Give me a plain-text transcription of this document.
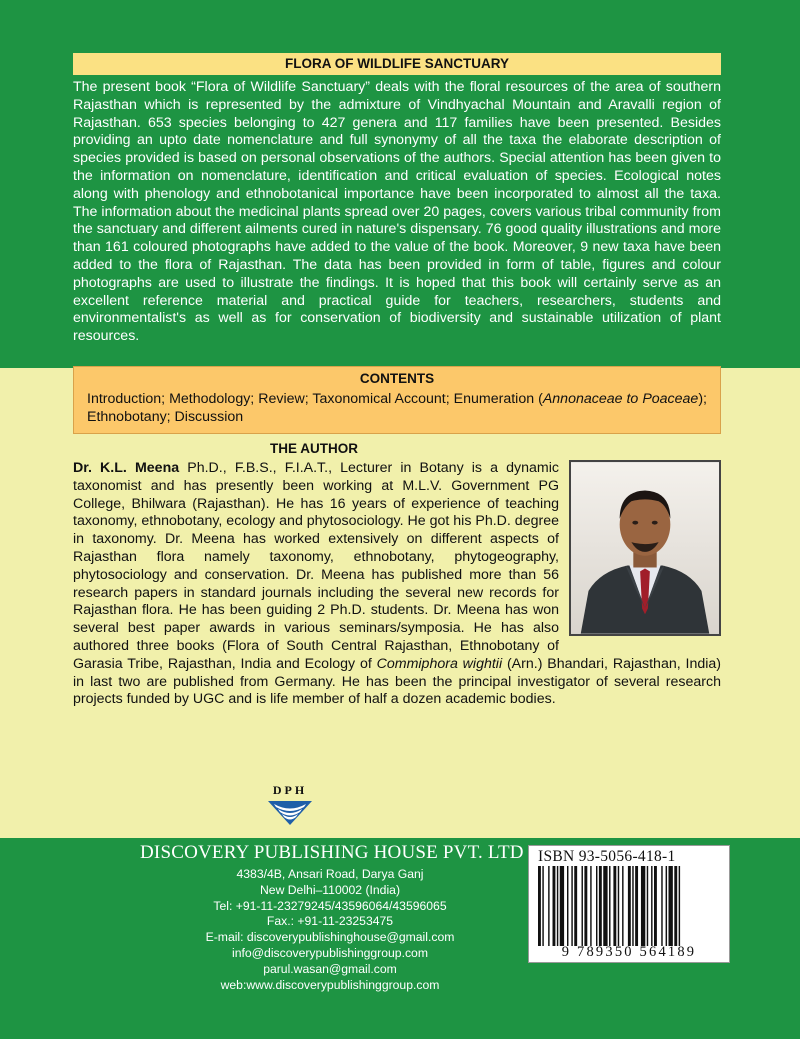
FLORA OF WILDLIFE SANCTUARY

The present book “Flora of Wildlife Sanctuary” deals with the floral resources of the area of southern Rajasthan which is represented by the admixture of Vindhyachal Mountain and Aravalli region of Rajasthan. 653 species belonging to 427 genera and 117 families have been presented. Besides providing an upto date nomenclature and full synonymy of all the taxa the elaborate description of species provided is based on personal observations of the authors. Special attention has been given to the information on nomenclature, identification and critical evaluation of species. Ecological notes along with phenology and ethnobotanical importance have been incorporated to almost all the taxa. The information about the medicinal plants spread over 20 pages, covers various tribal community from the sanctuary and different ailments cured in nature's dispensary. 76 good quality illustrations and more than 161 coloured photographs have added to the value of the book. Moreover, 9 new taxa have been added to the flora of Rajasthan. The data has been provided in form of table, figures and colour photographs are used to illustrate the findings. It is hoped that this book will certainly serve as an excellent reference material and practical guide for teachers, researchers, students and environmentalist's as well as for conservation of biodiversity and sustainable utilization of plant resources.

CONTENTS

Introduction; Methodology; Review; Taxonomical Account; Enumeration (Annonaceae to Poaceae); Ethnobotany; Discussion

THE AUTHOR
Dr. K.L. Meena Ph.D., F.B.S., F.I.A.T., Lecturer in Botany is a dynamic taxonomist and has presently been working at M.L.V. Government PG College, Bhilwara (Rajasthan). He has 16 years of experience of teaching taxonomy, ethnobotany, ecology and phytosociology. He got his Ph.D. degree in taxonomy. Dr. Meena has worked extensively on different aspects of Rajasthan flora namely taxonomy, ethnobotany, phytogeography, phytosociology and conservation. Dr. Meena has published more than 56 research papers in standard journals including the several new records for Rajasthan flora. He has been guiding 2 Ph.D. students. Dr. Meena has won several best paper awards in various seminars/symposia. He has also authored three books (Flora of South Central Rajasthan, Ethnobotany of Garasia Tribe, Rajasthan, India and Ecology of Commiphora wightii (Arn.) Bhandari, Rajasthan, India) in last two are published from Germany. He has been the principal investigator of several research projects funded by UGC and is life member of half a dozen academic bodies.
DPH
DISCOVERY PUBLISHING HOUSE PVT. LTD

4383/4B, Ansari Road, Darya Ganj

New Delhi–110002 (India)

Tel: +91-11-23279245/43596064/43596065

Fax.: +91-11-23253475

E-mail: discoverypublishinghouse@gmail.com

info@discoverypublishinggroup.com

parul.wasan@gmail.com

web:www.discoverypublishinggroup.com

ISBN 93-5056-418-1
9 789350 564189
